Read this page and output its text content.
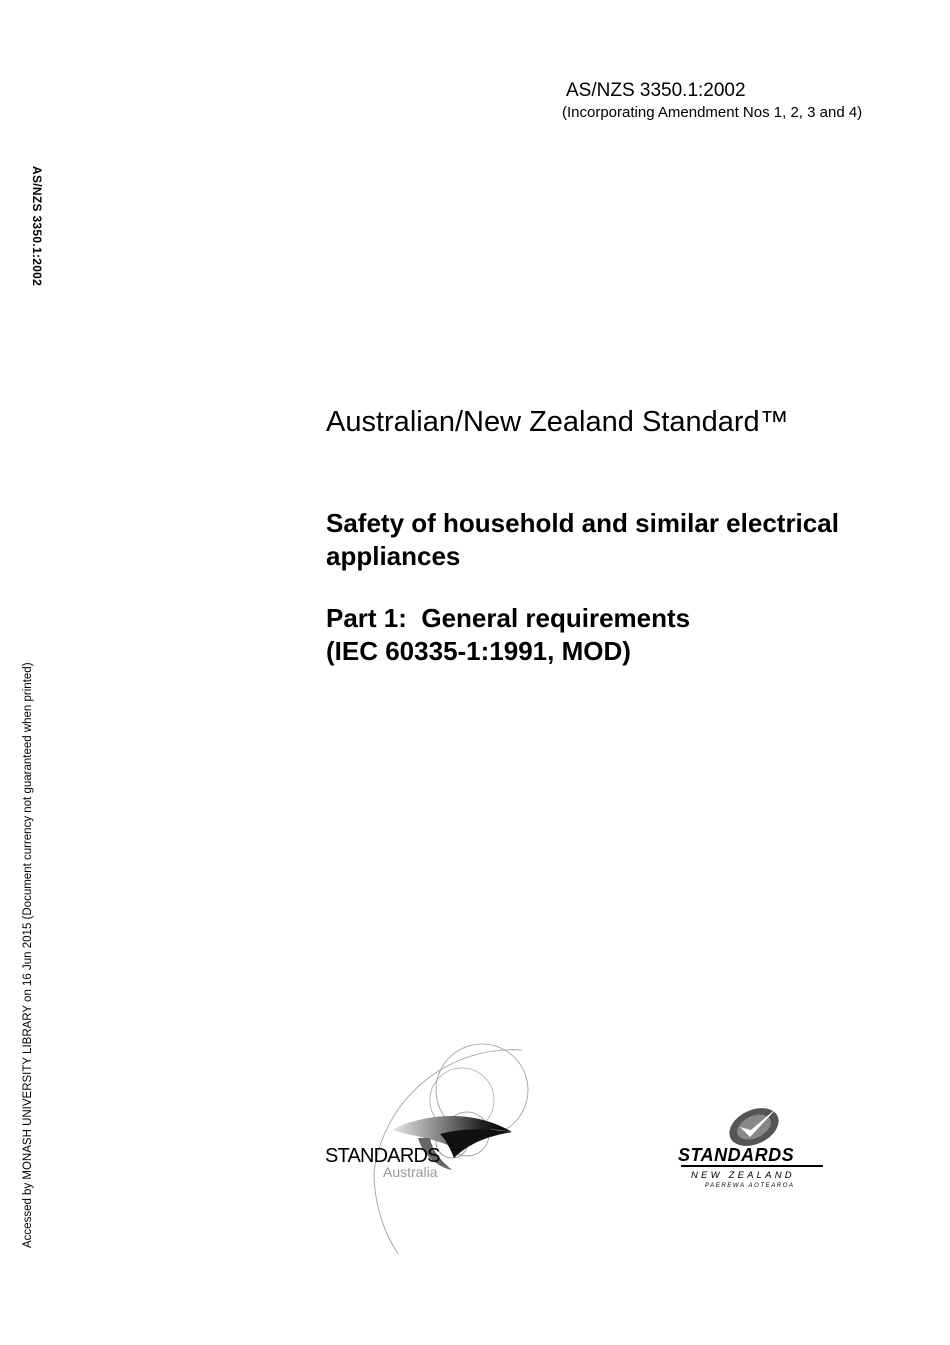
AS/NZS 3350.1:2002
(Incorporating Amendment Nos 1, 2, 3 and 4)
AS/NZS 3350.1:2002
Accessed by MONASH UNIVERSITY LIBRARY on 16 Jun 2015 (Document currency not guaranteed when printed)
Australian/New Zealand Standard™
Safety of household and similar electrical appliances
Part 1:  General requirements
(IEC 60335-1:1991, MOD)
STANDARDS
Australia
STANDARDS
NEW ZEALAND
PAEREWA AOTEAROA
